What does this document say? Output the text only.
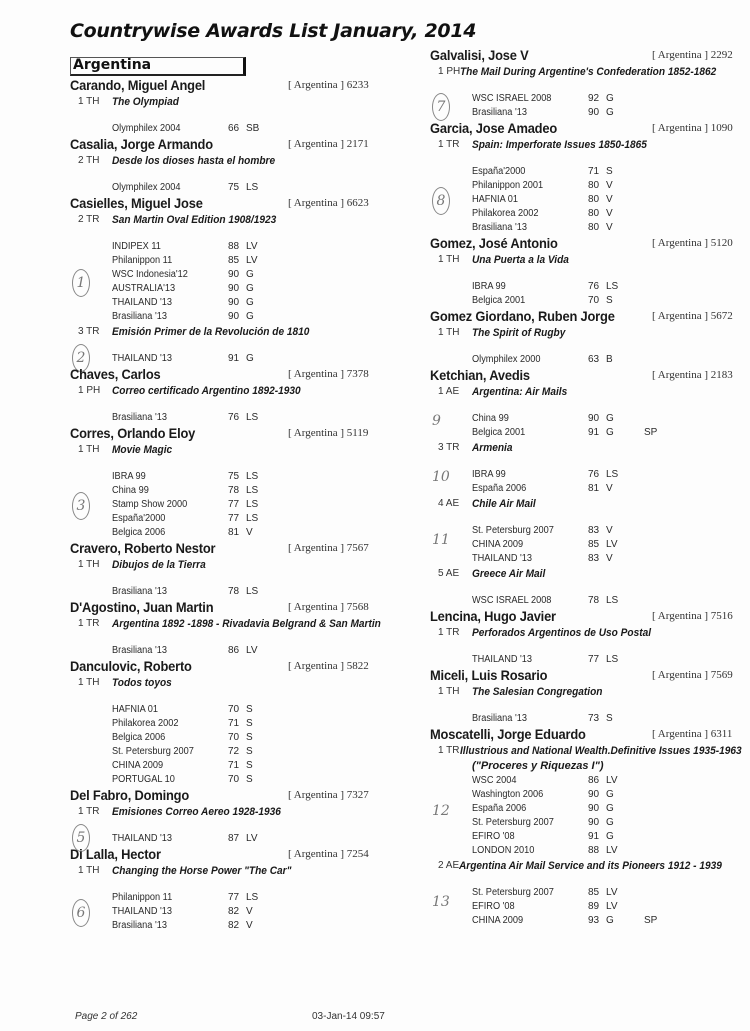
Countrywise Awards List January, 2014
Argentina
Carando, Miguel Angel	[ Argentina ] 6233
1 TH	The Olympiad
Olymphilex 2004	66 SB
Casalia, Jorge Armando	[ Argentina ] 2171
2 TH	Desde los dioses hasta el hombre
Olymphilex 2004	75 LS
Casielles, Miguel Jose	[ Argentina ] 6623
2 TR	San Martin Oval Edition 1908/1923
1
INDIPEX 11	88 LV
Philanippon 11	85 LV
WSC Indonesia'12	90 G
AUSTRALIA'13	90 G
THAILAND '13	90 G
Brasiliana '13	90 G
3 TR	Emisión Primer de la Revolución de 1810
2	THAILAND '13	91 G
Chaves, Carlos	[ Argentina ] 7378
1 PH	Correo certificado Argentino 1892-1930
Brasiliana '13	76 LS
Corres, Orlando Eloy	[ Argentina ] 5119
1 TH	Movie Magic
3
IBRA 99	75 LS
China 99	78 LS
Stamp Show 2000	77 LS
España'2000	77 LS
Belgica 2006	81 V
Cravero, Roberto Nestor	[ Argentina ] 7567
1 TH	Dibujos de la Tierra
Brasiliana '13	78 LS
D'Agostino, Juan Martin	[ Argentina ] 7568
1 TR	Argentina 1892 -1898 - Rivadavia Belgrand & San Martin
Brasiliana '13	86 LV
Danculovic, Roberto	[ Argentina ] 5822
1 TH	Todos toyos
HAFNIA 01	70 S
Philakorea 2002	71 S
Belgica 2006	70 S
St. Petersburg 2007	72 S
CHINA 2009	71 S
PORTUGAL 10	70 S
Del Fabro, Domingo	[ Argentina ] 7327
1 TR	Emisiones Correo Aereo 1928-1936
5	THAILAND '13	87 LV
Di Lalla, Hector	[ Argentina ] 7254
1 TH	Changing the Horse Power "The Car"
6
Philanippon 11	77 LS
THAILAND '13	82 V
Brasiliana '13	82 V
Galvalisi, Jose V	[ Argentina ] 2292
1 PH The Mail During Argentine's Confederation 1852-1862
7
WSC ISRAEL 2008	92 G
Brasiliana '13	90 G
Garcia, Jose Amadeo	[ Argentina ] 1090
1 TR	Spain: Imperforate Issues 1850-1865
8
España'2000	71 S
Philanippon 2001	80 V
HAFNIA 01	80 V
Philakorea 2002	80 V
Brasiliana '13	80 V
Gomez, José Antonio	[ Argentina ] 5120
1 TH	Una Puerta a la Vida
IBRA 99	76 LS
Belgica 2001	70 S
Gomez Giordano, Ruben Jorge	[ Argentina ] 5672
1 TH	The Spirit of Rugby
Olymphilex 2000	63 B
Ketchian, Avedis	[ Argentina ] 2183
1 AE	Argentina: Air Mails
9	China 99	90 G
Belgica 2001	91 G	SP
3 TR	Armenia
10 IBRA 99	76 LS
España 2006	81 V
4 AE	Chile Air Mail
11
St. Petersburg 2007	83 V
CHINA 2009	85 LV
THAILAND '13	83 V
5 AE	Greece Air Mail
WSC ISRAEL 2008	78 LS
Lencina, Hugo Javier	[ Argentina ] 7516
1 TR	Perforados Argentinos de Uso Postal
THAILAND '13	77 LS
Miceli, Luis Rosario	[ Argentina ] 7569
1 TH	The Salesian Congregation
Brasiliana '13	73 S
Moscatelli, Jorge Eduardo	[ Argentina ] 6311
1 TR Illustrious and National Wealth.Definitive Issues 1935-1963
("Proceres y Riquezas I")
12
WSC 2004	86 LV
Washington 2006	90 G
España 2006	90 G
St. Petersburg 2007	90 G
EFIRO '08	91 G
LONDON 2010	88 LV
2 AE Argentina Air Mail Service and its Pioneers 1912 - 1939
13
St. Petersburg 2007	85 LV
EFIRO '08	89 LV
CHINA 2009	93 G	SP
Page 2 of 262	03-Jan-14 09:57
